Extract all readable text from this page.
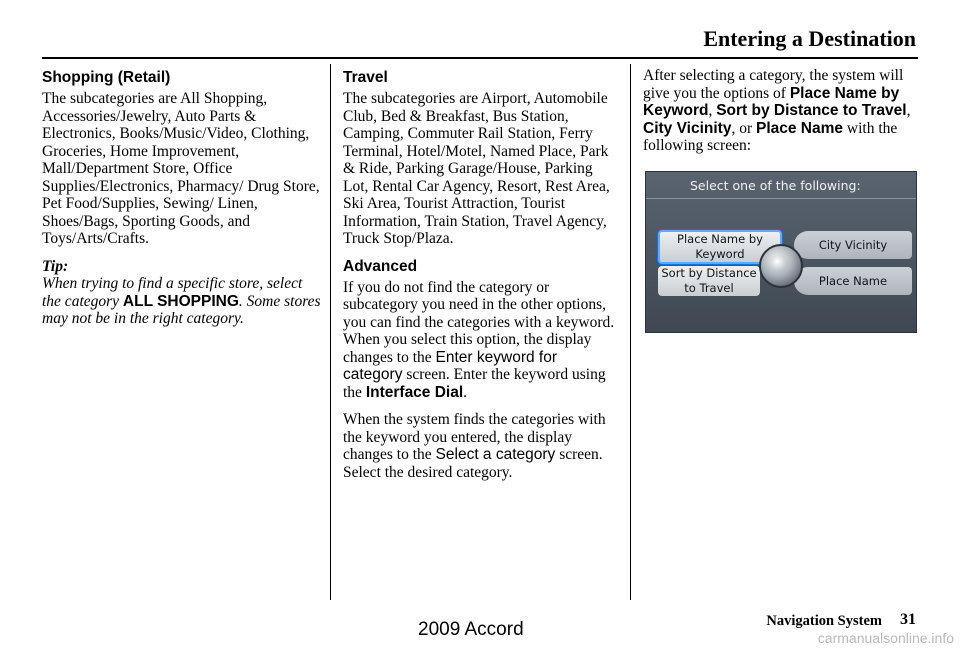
Entering a Destination
Shopping (Retail)

The subcategories are All Shopping, Accessories/Jewelry, Auto Parts & Electronics, Books/Music/Video, Clothing, Groceries, Home Improvement, Mall/Department Store, Office Supplies/Electronics, Pharmacy/ Drug Store, Pet Food/Supplies, Sewing/ Linen, Shoes/Bags, Sporting Goods, and Toys/Arts/Crafts.

Tip:

When trying to find a specific store, select the category ALL SHOPPING. Some stores may not be in the right category.

Travel

The subcategories are Airport, Automobile Club, Bed & Breakfast, Bus Station, Camping, Commuter Rail Station, Ferry Terminal, Hotel/Motel, Named Place, Park & Ride, Parking Garage/House, Parking Lot, Rental Car Agency, Resort, Rest Area, Ski Area, Tourist Attraction, Tourist Information, Train Station, Travel Agency, Truck Stop/Plaza.

Advanced

If you do not find the category or subcategory you need in the other options, you can find the categories with a keyword. When you select this option, the display changes to the Enter keyword for category screen. Enter the keyword using the Interface Dial.

When the system finds the categories with the keyword you entered, the display changes to the Select a category screen. Select the desired category.

After selecting a category, the system will give you the options of Place Name by Keyword, Sort by Distance to Travel, City Vicinity, or Place Name with the following screen:

Select one of the following:
Place Name by
Keyword
Sort by Distance
to Travel
City Vicinity
Place Name
Navigation System 31
2009 Accord	carmanualsonline.info
